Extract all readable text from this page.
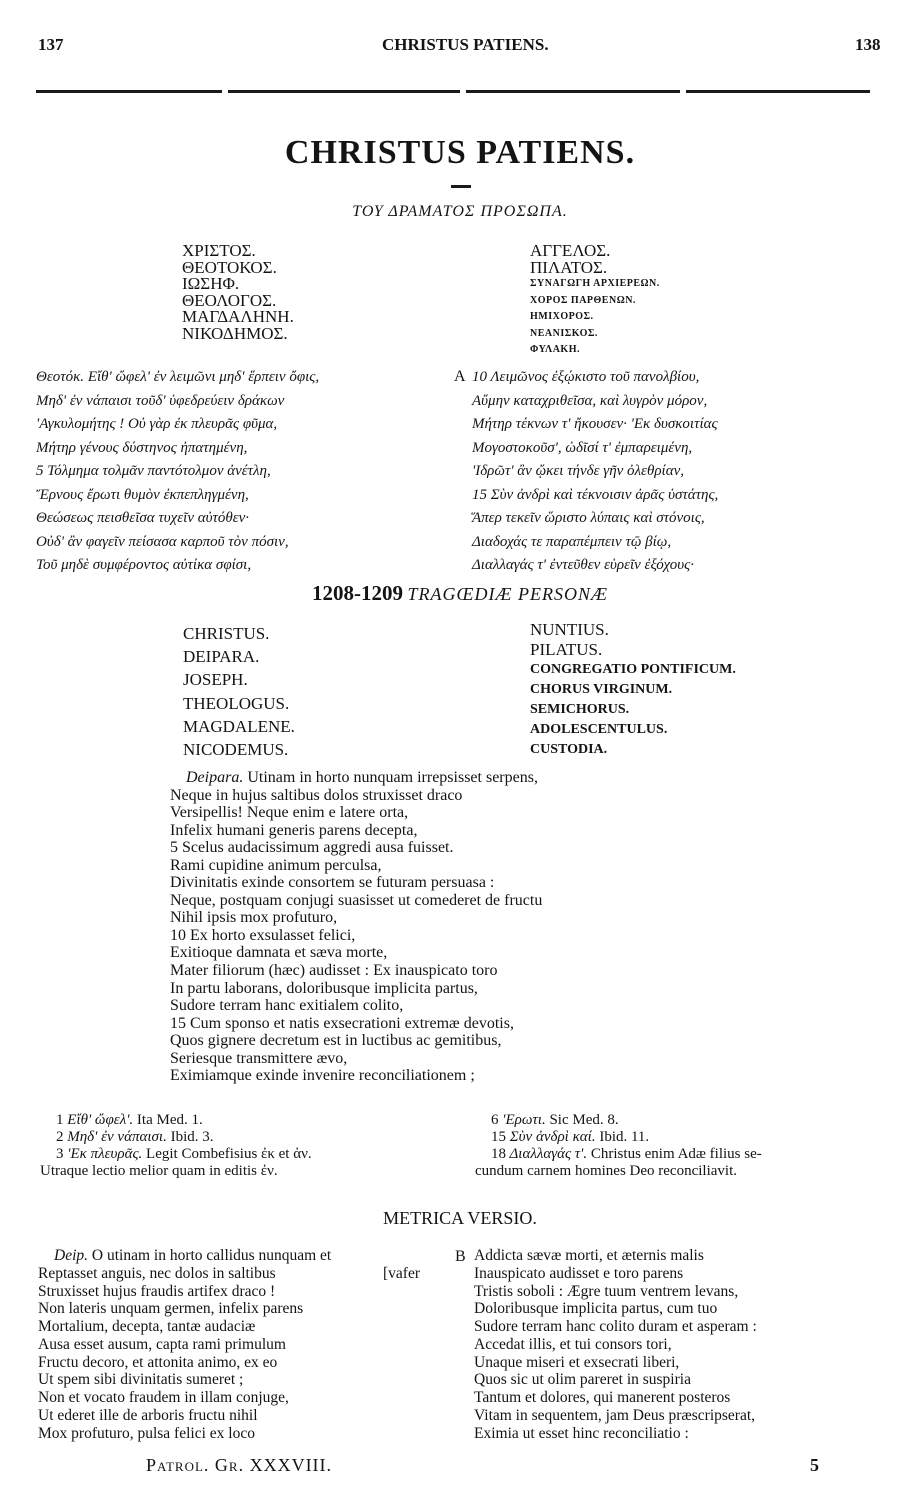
137	CHRISTUS PATIENS.	138
CHRISTUS PATIENS.
ΤΟΥ ΔΡΑΜΑΤΟΣ ΠΡΟΣΩΠΑ.
ΧΡΙΣΤΟΣ.
ΘΕΟΤΟΚΟΣ.
ΙΩΣΗΦ.
ΘΕΟΛΟΓΟΣ.
ΜΑΓΔΑΛΗΝΗ.
ΝΙΚΟΔΗΜΟΣ.
ΑΓΓΕΛΟΣ.
ΠΙΛΑΤΟΣ.
ΣΥΝΑΓΩΓΗ ΑΡΧΙΕΡΕΩΝ.
ΧΟΡΟΣ ΠΑΡΘΕΝΩΝ.
ΗΜΙΧΟΡΟΣ.
ΝΕΑΝΙΣΚΟΣ.
ΦΥΛΑΚΗ.
Θεοτόκ. Εἴθ' ὤφελ' ἐν λειμῶνι μηδ' ἕρπειν ὄφις,
Μηδ' ἐν νάπαισι τοῦδ' ὑφεδρεύειν δράκων
'Αγκυλομήτης ! Οὐ γὰρ ἐκ πλευρᾶς φῦμα,
Μήτηρ γένους δύστηνος ἠπατημένη,
5 Τόλμημα τολμᾶν παντότολμον ἀνέτλη,
Ἔρνους ἔρωτι θυμὸν ἐκπεπληγμένη,
Θεώσεως πεισθεῖσα τυχεῖν αὐτόθεν·
Οὐδ' ἂν φαγεῖν πείσασα καρποῦ τὸν πόσιν,
Τοῦ μηδὲ συμφέροντος αὐτίκα σφίσι,
A 10 Λειμῶνος ἐξῴκιστο τοῦ πανολβίου,
Αὔμην καταχριθεῖσα, καὶ λυγρὸν μόρον,
Μήτηρ τέκνων τ' ἤκουσεν· 'Εκ δυσκοιτίας
Μογοστοκοῦσ', ὠδῖσί τ' ἐμπαρειμένη,
'Ιδρῶτ' ἂν ᾤκει τήνδε γῆν ὀλεθρίαν,
15 Σὺν ἀνδρὶ καὶ τέκνοισιν ἀρᾶς ὑστάτης,
Ἅπερ τεκεῖν ὥριστο λύπαις καὶ στόνοις,
Διαδοχάς τε παραπέμπειν τῷ βίῳ,
Διαλλαγάς τ' ἐντεῦθεν εὑρεῖν ἐξόχους·
1208-1209 TRAGŒDIÆ PERSONÆ
CHRISTUS.
DEIPARA.
JOSEPH.
THEOLOGUS.
MAGDALENE.
NICODEMUS.
NUNTIUS.
PILATUS.
CONGREGATIO PONTIFICUM.
CHORUS VIRGINUM.
SEMICHORUS.
ADOLESCENTULUS.
CUSTODIA.
Deipara. Utinam in horto nunquam irrepsisset serpens,
Neque in hujus saltibus dolos struxisset draco
Versipellis! Neque enim e latere orta,
Infelix humani generis parens decepta,
5 Scelus audacissimum aggredi ausa fuisset.
Rami cupidine animum perculsa,
Divinitatis exinde consortem se futuram persuasa :
Neque, postquam conjugi suasisset ut comederet de fructu
Nihil ipsis mox profuturo,
10 Ex horto exsulasset felici,
Exitioque damnata et sæva morte,
Mater filiorum (hæc) audisset : Ex inauspicato toro
In partu laborans, doloribusque implicita partus,
Sudore terram hanc exitialem colito,
15 Cum sponso et natis exsecrationi extremæ devotis,
Quos gignere decretum est in luctibus ac gemitibus,
Seriesque transmittere ævo,
Eximiamque exinde invenire reconciliationem ;
1 Εἴθ' ὤφελ'. Ita Med. 1.
2 Μηδ' ἐν νάπαισι. Ibid. 3.
3 'Εκ πλευρᾶς. Legit Combefisius ἐκ et ἀν.
Utraque lectio melior quam in editis ἐν.
6 'Ερωτι. Sic Med. 8.
15 Σὺν ἀνδρὶ καί. Ibid. 11.
18 Διαλλαγάς τ'. Christus enim Adæ filius se-
cundum carnem homines Deo reconciliavit.
METRICA VERSIO.
Deip. O utinam in horto callidus nunquam et
Reptasset anguis, nec dolos in saltibus
Struxisset hujus fraudis artifex draco !
Non lateris unquam germen, infelix parens
Mortalium, decepta, tantæ audaciæ
Ausa esset ausum, capta rami primulum
Fructu decoro, et attonita animo, ex eo
Ut spem sibi divinitatis sumeret ;
Non et vocato fraudem in illam conjuge,
Ut ederet ille de arboris fructu nihil
Mox profuturo, pulsa felici ex loco
[vafer
B Addicta sævæ morti, et æternis malis
Inauspicato audisset e toro parens
Tristis soboli : Ægre tuum ventrem levans,
Doloribusque implicita partus, cum tuo
Sudore terram hanc colito duram et asperam :
Accedat illis, et tui consors tori,
Unaque miseri et exsecrati liberi,
Quos sic ut olim pareret in suspiria
Tantum et dolores, qui manerent posteros
Vitam in sequentem, jam Deus præscripserat,
Eximia ut esset hinc reconciliatio :
Patrol. Gr. XXXVIII.	5
